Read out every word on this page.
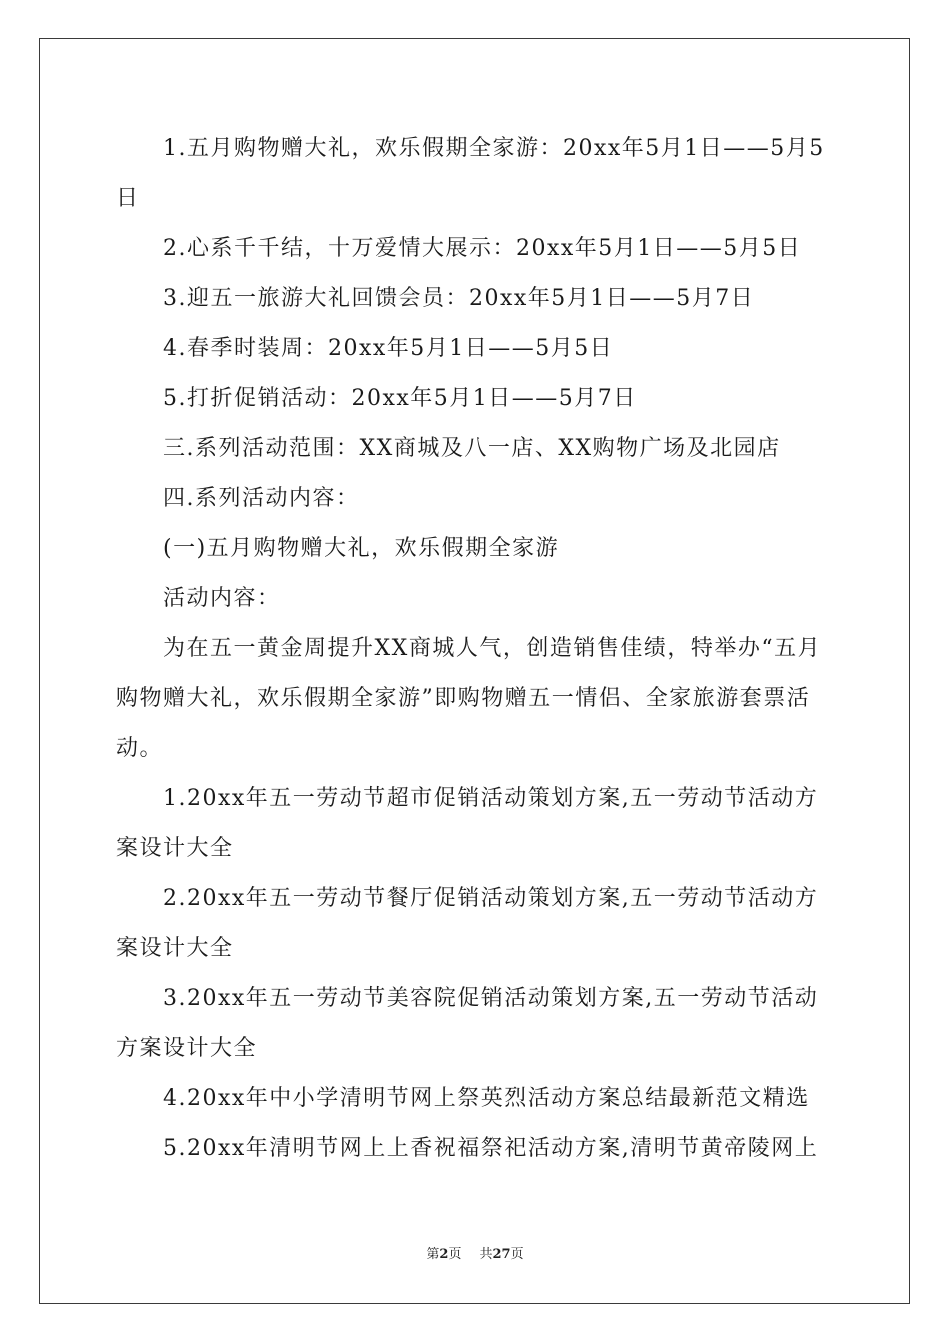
1.五月购物赠大礼，欢乐假期全家游：20xx年5月1日——5月5日

2.心系千千结，十万爱情大展示：20xx年5月1日——5月5日

3.迎五一旅游大礼回馈会员：20xx年5月1日——5月7日

4.春季时装周：20xx年5月1日——5月5日

5.打折促销活动：20xx年5月1日——5月7日

三.系列活动范围：XX商城及八一店、XX购物广场及北园店

四.系列活动内容：

(一)五月购物赠大礼，欢乐假期全家游

活动内容：

为在五一黄金周提升XX商城人气，创造销售佳绩，特举办“五月购物赠大礼，欢乐假期全家游”即购物赠五一情侣、全家旅游套票活动。

1.20xx年五一劳动节超市促销活动策划方案,五一劳动节活动方案设计大全

2.20xx年五一劳动节餐厅促销活动策划方案,五一劳动节活动方案设计大全

3.20xx年五一劳动节美容院促销活动策划方案,五一劳动节活动方案设计大全

4.20xx年中小学清明节网上祭英烈活动方案总结最新范文精选

5.20xx年清明节网上上香祝福祭祀活动方案,清明节黄帝陵网上

第2页 共27页
